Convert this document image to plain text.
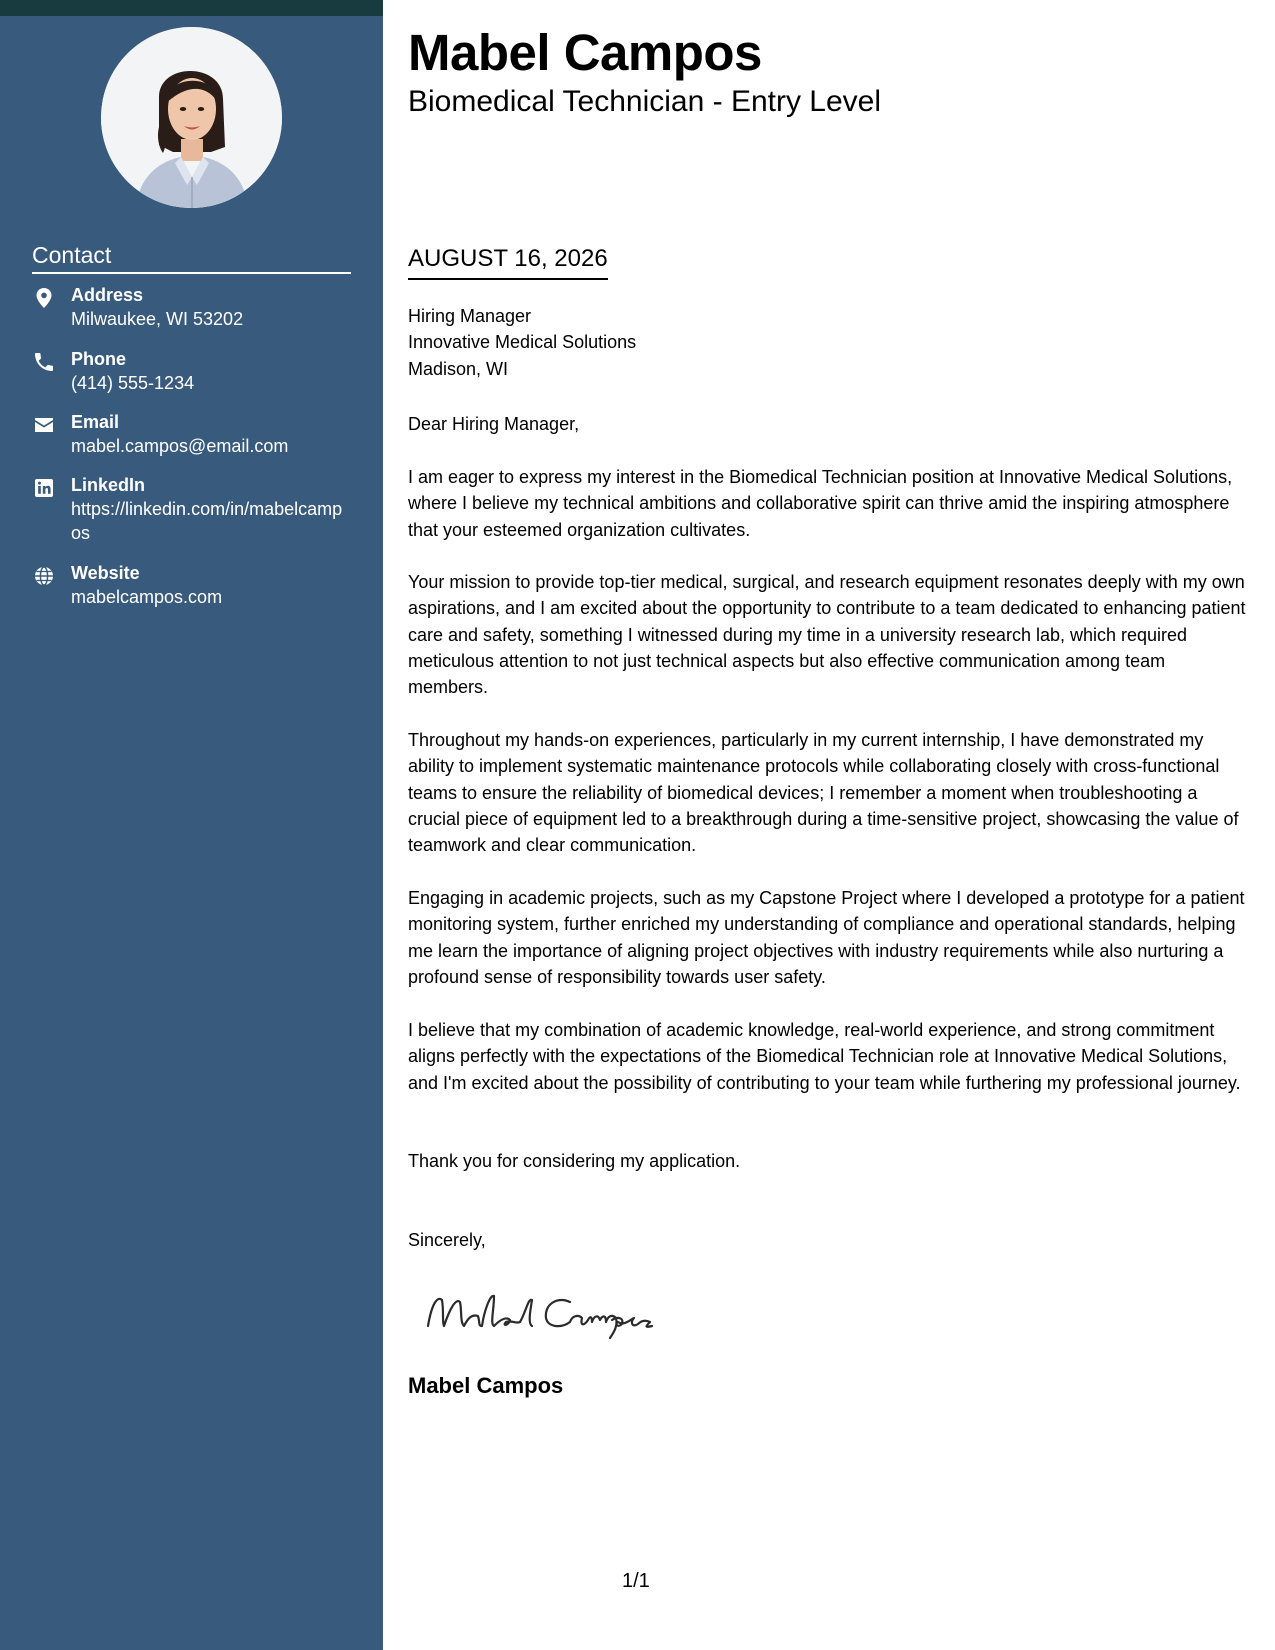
Contact
Address
Milwaukee, WI 53202
Phone
(414) 555-1234
Email
mabel.campos@email.com
LinkedIn
https://linkedin.com/in/mabelcampos
Website
mabelcampos.com
Mabel Campos
Biomedical Technician - Entry Level
AUGUST 16, 2026
Hiring Manager
Innovative Medical Solutions
Madison, WI
Dear Hiring Manager,

I am eager to express my interest in the Biomedical Technician position at Innovative Medical Solutions, where I believe my technical ambitions and collaborative spirit can thrive amid the inspiring atmosphere that your esteemed organization cultivates.

Your mission to provide top-tier medical, surgical, and research equipment resonates deeply with my own aspirations, and I am excited about the opportunity to contribute to a team dedicated to enhancing patient care and safety, something I witnessed during my time in a university research lab, which required meticulous attention to not just technical aspects but also effective communication among team members.

Throughout my hands-on experiences, particularly in my current internship, I have demonstrated my ability to implement systematic maintenance protocols while collaborating closely with cross-functional teams to ensure the reliability of biomedical devices; I remember a moment when troubleshooting a crucial piece of equipment led to a breakthrough during a time-sensitive project, showcasing the value of teamwork and clear communication.

Engaging in academic projects, such as my Capstone Project where I developed a prototype for a patient monitoring system, further enriched my understanding of compliance and operational standards, helping me learn the importance of aligning project objectives with industry requirements while also nurturing a profound sense of responsibility towards user safety.

I believe that my combination of academic knowledge, real-world experience, and strong commitment aligns perfectly with the expectations of the Biomedical Technician role at Innovative Medical Solutions, and I'm excited about the possibility of contributing to your team while furthering my professional journey.

Thank you for considering my application.

Sincerely,
Mabel Campos
1/1
